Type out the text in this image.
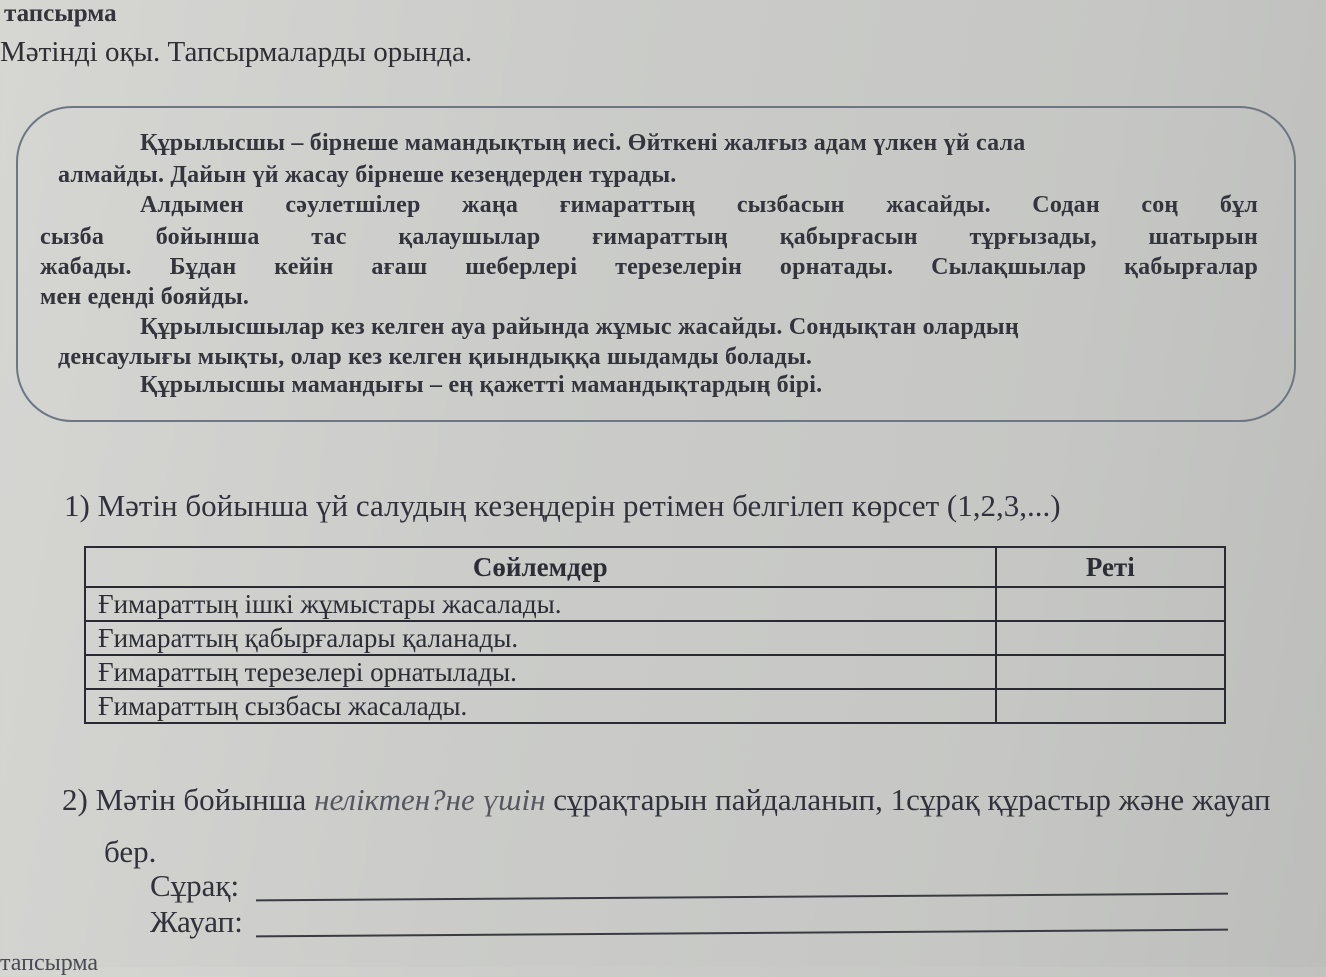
тапсырма
Мәтінді оқы. Тапсырмаларды орында.
Құрылысшы – бірнеше мамандықтың иесі. Өйткені жалғыз адам үлкен үй сала
алмайды. Дайын үй жасау бірнеше кезеңдерден тұрады.
Алдымен сәулетшілер жаңа ғимараттың сызбасын жасайды. Содан соң бұл
сызба бойынша тас қалаушылар ғимараттың қабырғасын тұрғызады, шатырын
жабады. Бұдан кейін ағаш шеберлері терезелерін орнатады. Сылақшылар қабырғалар
мен еденді бояйды.
Құрылысшылар кез келген ауа райында жұмыс жасайды. Сондықтан олардың
денсаулығы мықты, олар кез келген қиындыққа шыдамды болады.
Құрылысшы мамандығы – ең қажетті мамандықтардың бірі.
1) Мәтін бойынша үй салудың кезеңдерін ретімен белгілеп көрсет (1,2,3,...)
Сөйлемдер	Реті
Ғимараттың ішкі жұмыстары жасалады.	
Ғимараттың қабырғалары қаланады.	
Ғимараттың терезелері орнатылады.	
Ғимараттың сызбасы жасалады.	
2) Мәтін бойынша неліктен?не үшін сұрақтарын пайдаланып, 1сұрақ құрастыр және жауап
бер.
Сұрақ:
Жауап:
тапсырма
